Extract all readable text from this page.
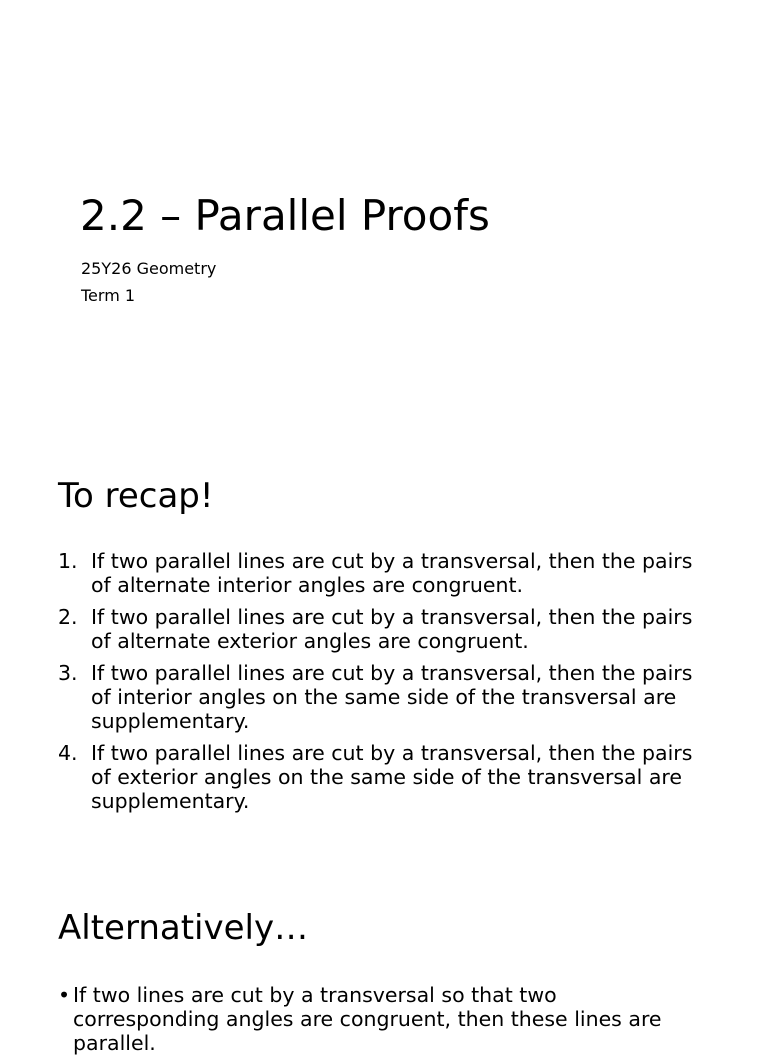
2.2 – Parallel Proofs
25Y26 Geometry
Term 1
To recap!
1. If two parallel lines are cut by a transversal, then the pairs of alternate interior angles are congruent.
2. If two parallel lines are cut by a transversal, then the pairs of alternate exterior angles are congruent.
3. If two parallel lines are cut by a transversal, then the pairs of interior angles on the same side of the transversal are supplementary.
4. If two parallel lines are cut by a transversal, then the pairs of exterior angles on the same side of the transversal are supplementary.
Alternatively…
• If two lines are cut by a transversal so that two corresponding angles are congruent, then these lines are parallel.
